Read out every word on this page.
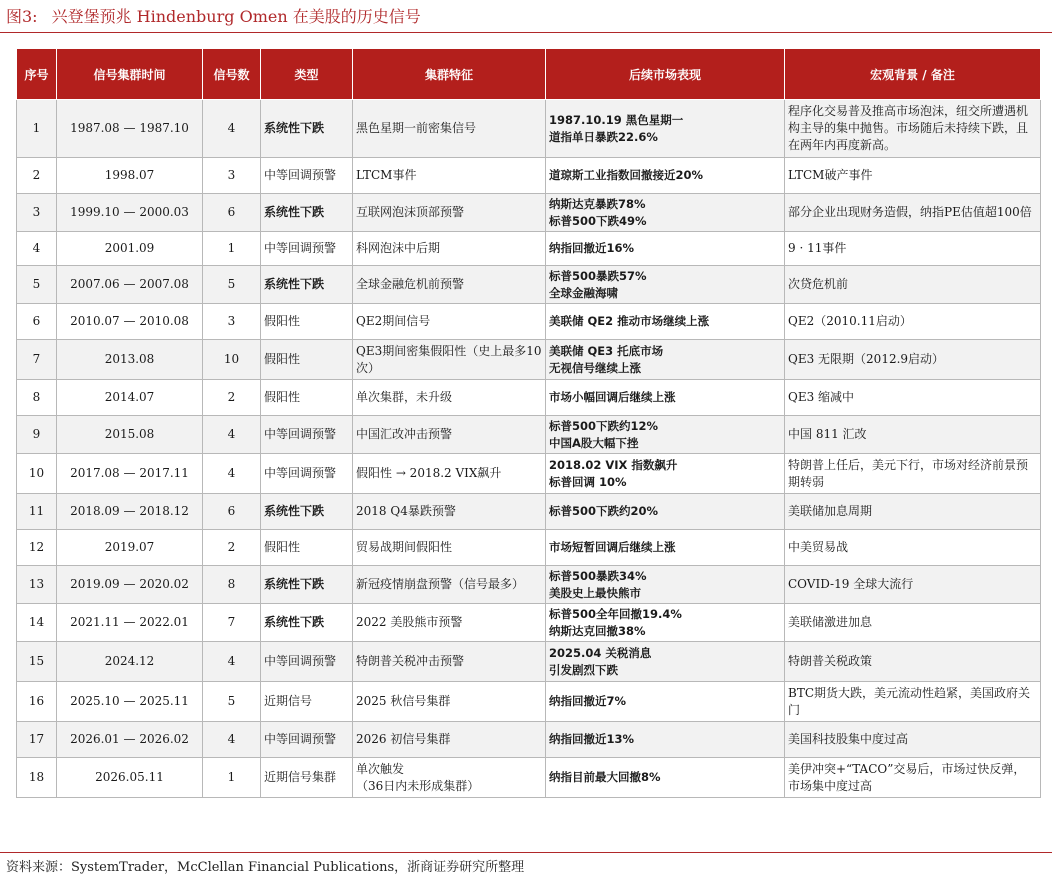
图3: 兴登堡预兆 Hindenburg Omen 在美股的历史信号
序号	信号集群时间	信号数	类型	集群特征	后续市场表现	宏观背景 / 备注
1	1987.08 — 1987.10	4	系统性下跌	黑色星期一前密集信号	1987.10.19 黑色星期一
道指单日暴跌22.6%	程序化交易普及推高市场泡沫，纽交所遭遇机构主导的集中抛售。市场随后未持续下跌，且在两年内再度新高。
2	1998.07	3	中等回调预警	LTCM事件	道琼斯工业指数回撤接近20%	LTCM破产事件
3	1999.10 — 2000.03	6	系统性下跌	互联网泡沫顶部预警	纳斯达克暴跌78%
标普500下跌49%	部分企业出现财务造假，纳指PE估值超100倍
4	2001.09	1	中等回调预警	科网泡沫中后期	纳指回撤近16%	9 · 11事件
5	2007.06 — 2007.08	5	系统性下跌	全球金融危机前预警	标普500暴跌57%
全球金融海啸	次贷危机前
6	2010.07 — 2010.08	3	假阳性	QE2期间信号	美联储 QE2 推动市场继续上涨	QE2（2010.11启动）
7	2013.08	10	假阳性	QE3期间密集假阳性（史上最多10次）	美联储 QE3 托底市场
无视信号继续上涨	QE3 无限期（2012.9启动）
8	2014.07	2	假阳性	单次集群，未升级	市场小幅回调后继续上涨	QE3 缩减中
9	2015.08	4	中等回调预警	中国汇改冲击预警	标普500下跌约12%
中国A股大幅下挫	中国 811 汇改
10	2017.08 — 2017.11	4	中等回调预警	假阳性 → 2018.2 VIX飙升	2018.02 VIX 指数飙升
标普回调 10%	特朗普上任后，美元下行，市场对经济前景预期转弱
11	2018.09 — 2018.12	6	系统性下跌	2018 Q4暴跌预警	标普500下跌约20%	美联储加息周期
12	2019.07	2	假阳性	贸易战期间假阳性	市场短暂回调后继续上涨	中美贸易战
13	2019.09 — 2020.02	8	系统性下跌	新冠疫情崩盘预警（信号最多）	标普500暴跌34%
美股史上最快熊市	COVID-19 全球大流行
14	2021.11 — 2022.01	7	系统性下跌	2022 美股熊市预警	标普500全年回撤19.4%
纳斯达克回撤38%	美联储激进加息
15	2024.12	4	中等回调预警	特朗普关税冲击预警	2025.04 关税消息
引发剧烈下跌	特朗普关税政策
16	2025.10 — 2025.11	5	近期信号	2025 秋信号集群	纳指回撤近7%	BTC期货大跌，美元流动性趋紧，美国政府关门
17	2026.01 — 2026.02	4	中等回调预警	2026 初信号集群	纳指回撤近13%	美国科技股集中度过高
18	2026.05.11	1	近期信号集群	单次触发
（36日内未形成集群）	纳指目前最大回撤8%	美伊冲突+“TACO”交易后，市场过快反弹，市场集中度过高
资料来源：SystemTrader，McClellan Financial Publications，浙商证券研究所整理
